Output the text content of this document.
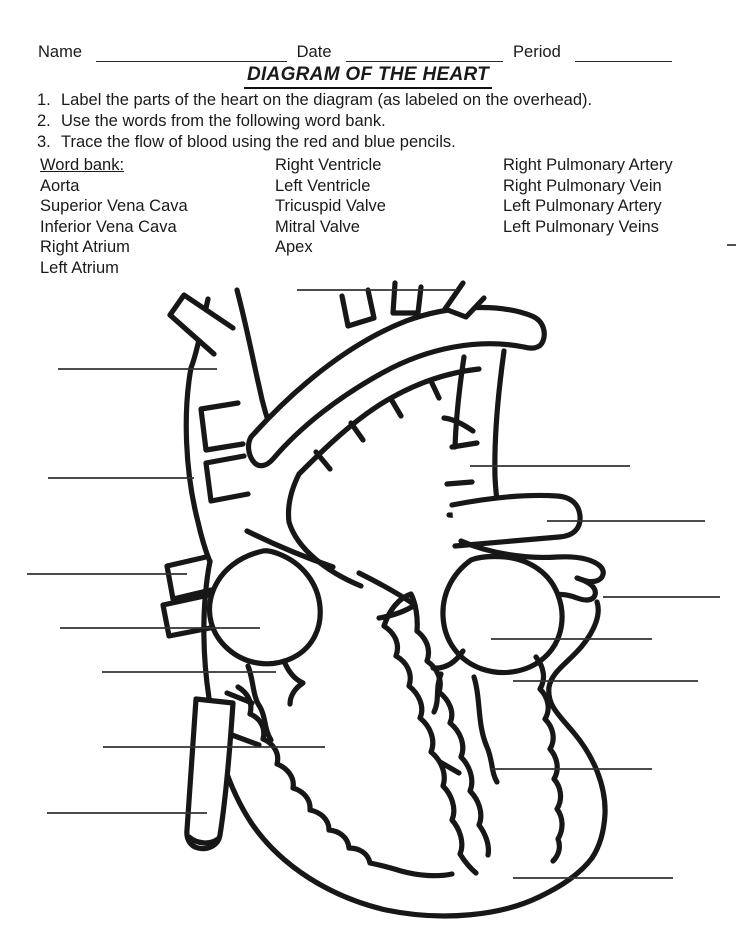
Name	Date	Period
DIAGRAM OF THE HEART
1. Label the parts of the heart on the diagram (as labeled on the overhead).
2. Use the words from the following word bank.
3. Trace the flow of blood using the red and blue pencils.
Word bank:
Aorta
Superior Vena Cava
Inferior Vena Cava
Right Atrium
Left Atrium
Right Ventricle
Left Ventricle
Tricuspid Valve
Mitral Valve
Apex
Right Pulmonary Artery
Right Pulmonary Vein
Left Pulmonary Artery
Left Pulmonary Veins
